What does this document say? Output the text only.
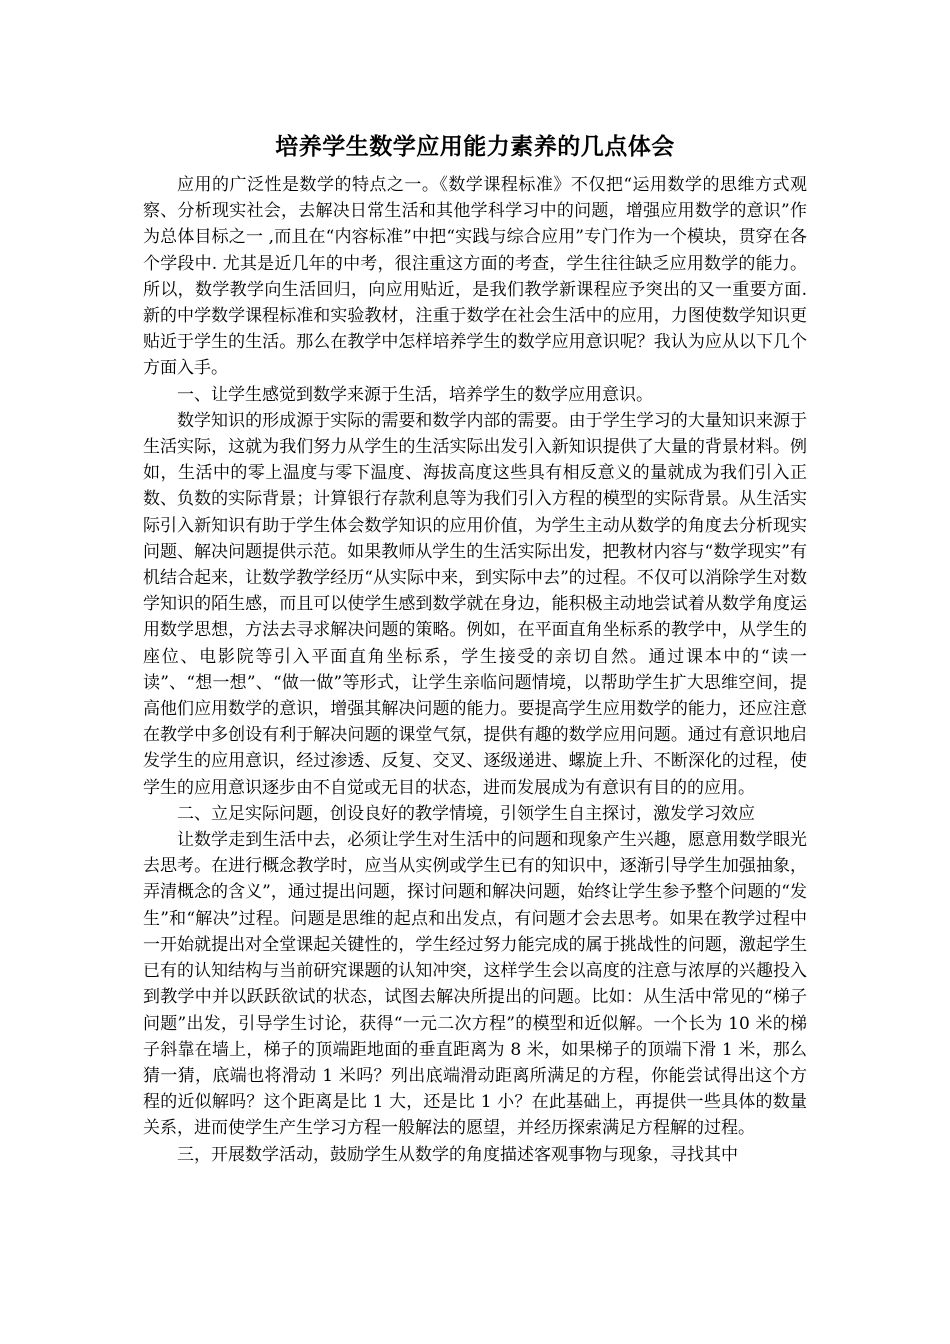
培养学生数学应用能力素养的几点体会

应用的广泛性是数学的特点之一。《数学课程标准》不仅把“运用数学的思维方式观察、分析现实社会，去解决日常生活和其他学科学习中的问题，增强应用数学的意识”作为总体目标之一 ,而且在“内容标准”中把“实践与综合应用”专门作为一个模块，贯穿在各个学段中. 尤其是近几年的中考，很注重这方面的考查，学生往往缺乏应用数学的能力。所以，数学教学向生活回归，向应用贴近，是我们教学新课程应予突出的又一重要方面. 新的中学数学课程标准和实验教材，注重于数学在社会生活中的应用，力图使数学知识更贴近于学生的生活。那么在教学中怎样培养学生的数学应用意识呢？我认为应从以下几个方面入手。

一、让学生感觉到数学来源于生活，培养学生的数学应用意识。

数学知识的形成源于实际的需要和数学内部的需要。由于学生学习的大量知识来源于生活实际，这就为我们努力从学生的生活实际出发引入新知识提供了大量的背景材料。例如，生活中的零上温度与零下温度、海拔高度这些具有相反意义的量就成为我们引入正数、负数的实际背景；计算银行存款利息等为我们引入方程的模型的实际背景。从生活实际引入新知识有助于学生体会数学知识的应用价值，为学生主动从数学的角度去分析现实问题、解决问题提供示范。如果教师从学生的生活实际出发，把教材内容与“数学现实”有机结合起来，让数学教学经历“从实际中来，到实际中去”的过程。不仅可以消除学生对数学知识的陌生感，而且可以使学生感到数学就在身边，能积极主动地尝试着从数学角度运用数学思想，方法去寻求解决问题的策略。例如，在平面直角坐标系的教学中，从学生的座位、电影院等引入平面直角坐标系，学生接受的亲切自然。通过课本中的“读一读”、“想一想”、“做一做”等形式，让学生亲临问题情境，以帮助学生扩大思维空间，提高他们应用数学的意识，增强其解决问题的能力。要提高学生应用数学的能力，还应注意在教学中多创设有利于解决问题的课堂气氛，提供有趣的数学应用问题。通过有意识地启发学生的应用意识，经过渗透、反复、交叉、逐级递进、螺旋上升、不断深化的过程，使学生的应用意识逐步由不自觉或无目的状态，进而发展成为有意识有目的的应用。

二、立足实际问题，创设良好的教学情境，引领学生自主探讨，激发学习效应

让数学走到生活中去，必须让学生对生活中的问题和现象产生兴趣，愿意用数学眼光去思考。在进行概念教学时，应当从实例或学生已有的知识中，逐渐引导学生加强抽象，弄清概念的含义”，通过提出问题，探讨问题和解决问题，始终让学生参予整个问题的“发生”和“解决”过程。问题是思维的起点和出发点，有问题才会去思考。如果在教学过程中一开始就提出对全堂课起关键性的，学生经过努力能完成的属于挑战性的问题，激起学生已有的认知结构与当前研究课题的认知冲突，这样学生会以高度的注意与浓厚的兴趣投入到教学中并以跃跃欲试的状态，试图去解决所提出的问题。比如：从生活中常见的“梯子问题”出发，引导学生讨论，获得“一元二次方程”的模型和近似解。一个长为 10 米的梯子斜靠在墙上，梯子的顶端距地面的垂直距离为 8 米，如果梯子的顶端下滑 1 米，那么猜一猜，底端也将滑动 1 米吗？列出底端滑动距离所满足的方程，你能尝试得出这个方程的近似解吗？这个距离是比 1 大，还是比 1 小？在此基础上，再提供一些具体的数量关系，进而使学生产生学习方程一般解法的愿望，并经历探索满足方程解的过程。

三，开展数学活动，鼓励学生从数学的角度描述客观事物与现象，寻找其中
